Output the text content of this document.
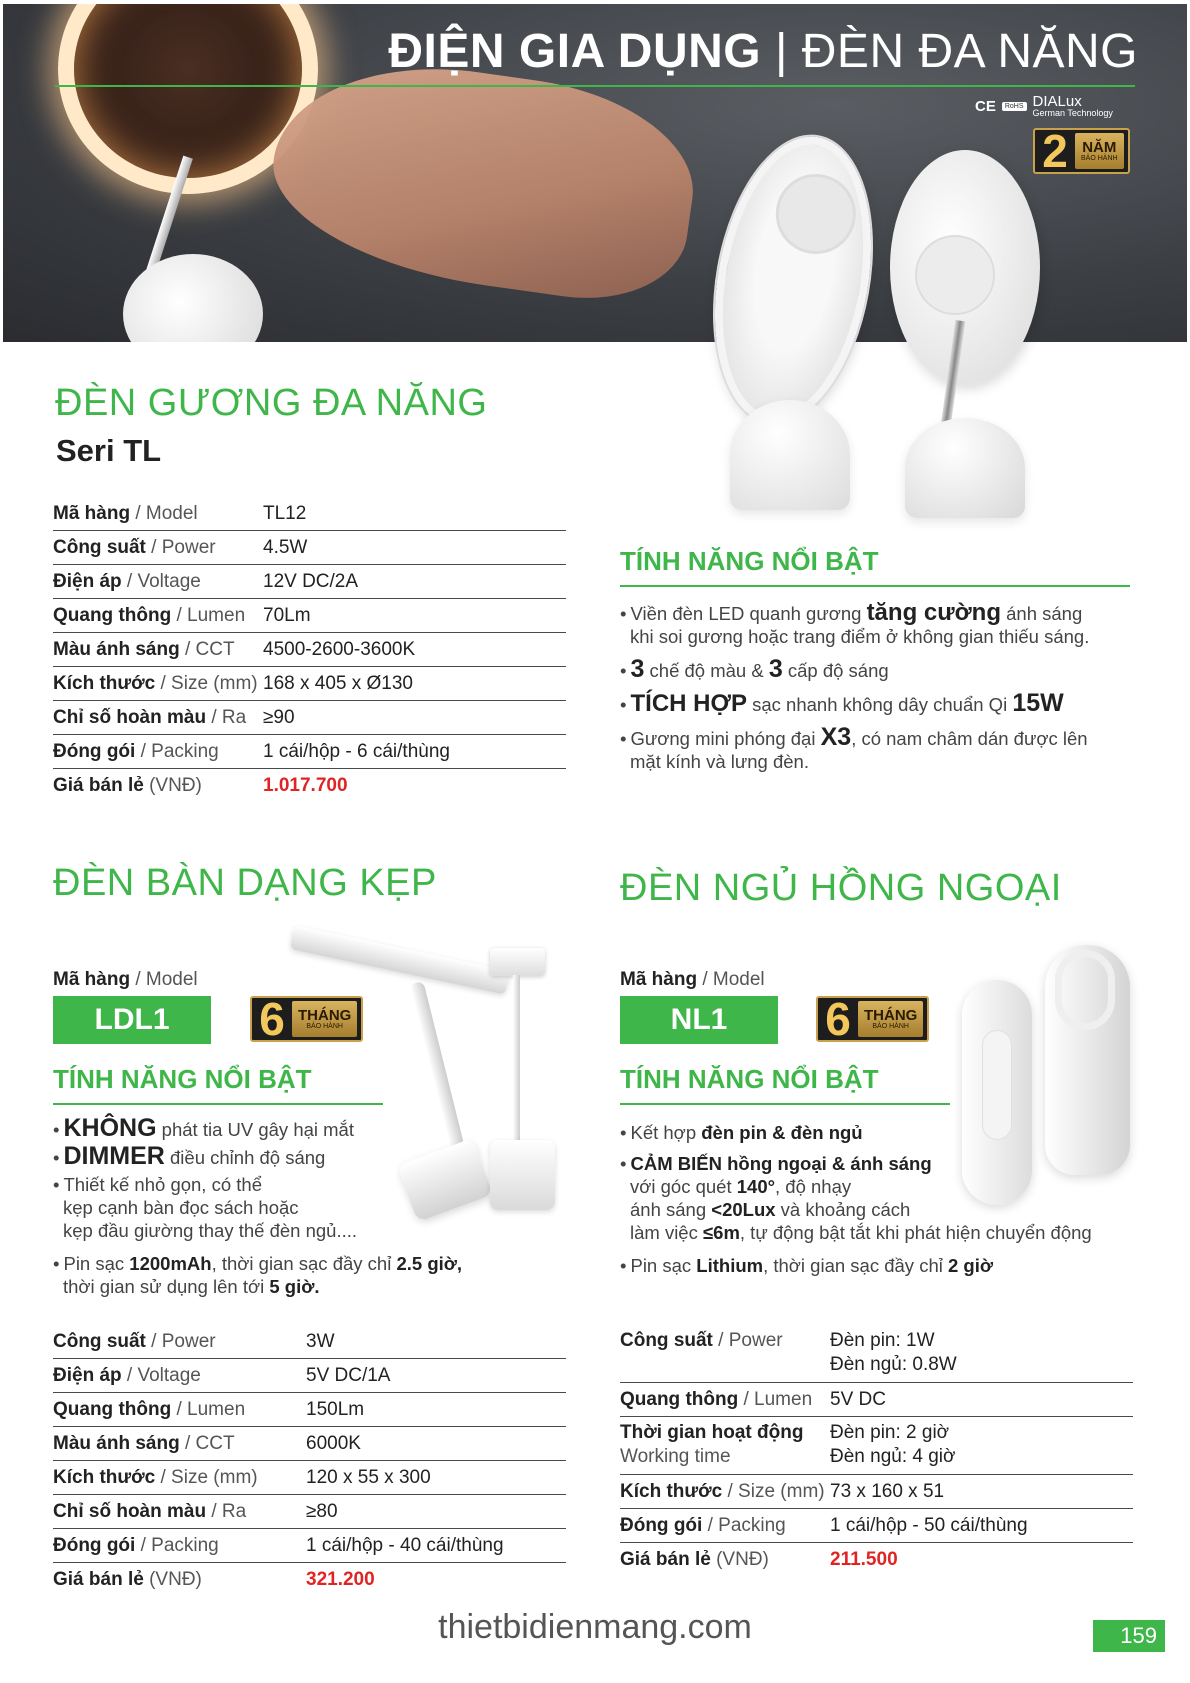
ĐIỆN GIA DỤNG | ĐÈN ĐA NĂNG
CE	RoHS DIALux
German Technology
2 NĂM
BẢO HÀNH
ĐÈN GƯƠNG ĐA NĂNG
Seri TL
Mã hàng / Model	TL12
Công suất / Power	4.5W
Điện áp / Voltage	12V DC/2A
Quang thông / Lumen 70Lm
Màu ánh sáng / CCT	4500-2600-3600K
Kích thước / Size (mm) 168 x 405 x Ø130
Chỉ số hoàn màu / Ra ≥90
Đóng gói / Packing	1 cái/hộp - 6 cái/thùng
Giá bán lẻ (VNĐ)	1.017.700
TÍNH NĂNG NỔI BẬT
• Viền đèn LED quanh gương tăng cường ánh sáng
khi soi gương hoặc trang điểm ở không gian thiếu sáng.
• 3 chế độ màu & 3 cấp độ sáng
• TÍCH HỢP sạc nhanh không dây chuẩn Qi 15W
• Gương mini phóng đại X3, có nam châm dán được lên
mặt kính và lưng đèn.
ĐÈN BÀN DẠNG KẸP
Mã hàng / Model
LDL1	6 THÁNG
BẢO HÀNH
TÍNH NĂNG NỔI BẬT
• KHÔNG phát tia UV gây hại mắt
• DIMMER điều chỉnh độ sáng
• Thiết kế nhỏ gọn, có thể
kẹp cạnh bàn đọc sách hoặc
kẹp đầu giường thay thế đèn ngủ....
• Pin sạc 1200mAh, thời gian sạc đầy chỉ 2.5 giờ,
thời gian sử dụng lên tới 5 giờ.
Công suất / Power	3W
Điện áp / Voltage	5V DC/1A
Quang thông / Lumen	150Lm
Màu ánh sáng / CCT	6000K
Kích thước / Size (mm)	120 x 55 x 300
Chỉ số hoàn màu / Ra	≥80
Đóng gói / Packing	1 cái/hộp - 40 cái/thùng
Giá bán lẻ (VNĐ)	321.200
ĐÈN NGỦ HỒNG NGOẠI
Mã hàng / Model
NL1	6 THÁNG
BẢO HÀNH
TÍNH NĂNG NỔI BẬT
• Kết hợp đèn pin & đèn ngủ
• CẢM BIẾN hồng ngoại & ánh sáng
với góc quét 140°, độ nhạy
ánh sáng <20Lux và khoảng cách
làm việc ≤6m, tự động bật tắt khi phát hiện chuyển động
• Pin sạc Lithium, thời gian sạc đầy chỉ 2 giờ
Công suất / Power	Đèn pin: 1W
Đèn ngủ: 0.8W
Quang thông / Lumen 5V DC
Thời gian hoạt động
Working time
Đèn pin: 2 giờ
Đèn ngủ: 4 giờ
Kích thước / Size (mm) 73 x 160 x 51
Đóng gói / Packing	1 cái/hộp - 50 cái/thùng
Giá bán lẻ (VNĐ)	211.500
thietbidienmang.com	159
